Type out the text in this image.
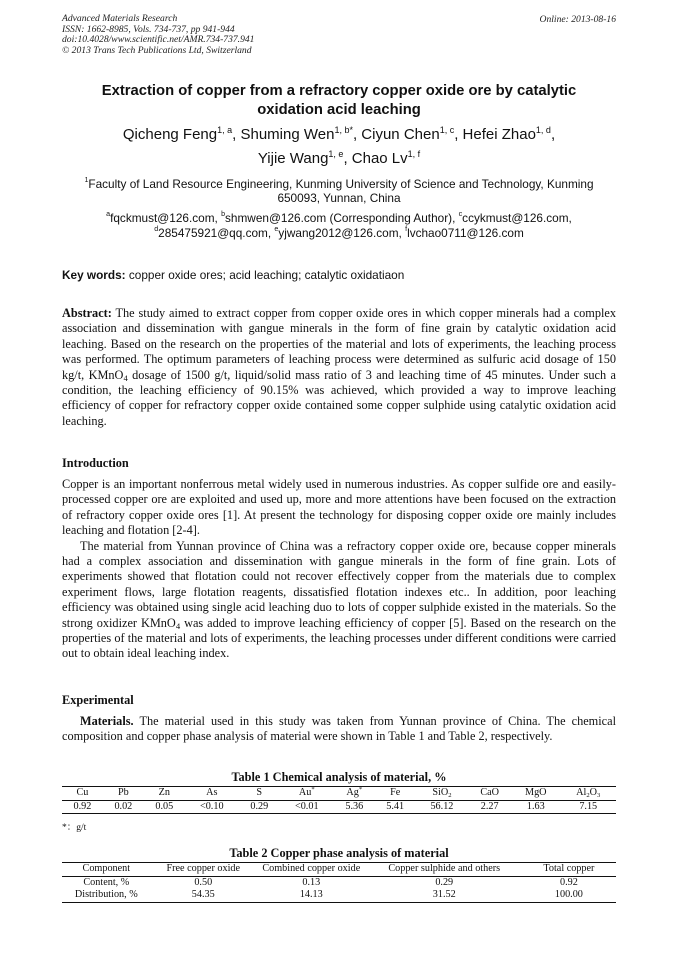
Advanced Materials Research
ISSN: 1662-8985, Vols. 734-737, pp 941-944
doi:10.4028/www.scientific.net/AMR.734-737.941
© 2013 Trans Tech Publications Ltd, Switzerland
Online: 2013-08-16
Extraction of copper from a refractory copper oxide ore by catalytic
oxidation acid leaching
Qicheng Feng$^{1, a}$, Shuming Wen$^{1, b*}$, Ciyun Chen$^{1, c}$, Hefei Zhao$^{1, d}$,
Yijie Wang$^{1, e}$, Chao Lv$^{1, f}$
$^1$Faculty of Land Resource Engineering, Kunming University of Science and Technology, Kunming
650093, Yunnan, China
$^a$fqckmust@126.com, $^b$shmwen@126.com (Corresponding Author), $^c$ccykmust@126.com,
$^d$285475921@qq.com, $^e$yjwang2012@126.com, $^f$lvchao0711@126.com
Key words: copper oxide ores; acid leaching; catalytic oxidatiaon
Abstract: The study aimed to extract copper from copper oxide ores in which copper minerals had a complex association and dissemination with gangue minerals in the form of fine grain by catalytic oxidation acid leaching. Based on the research on the properties of the material and lots of experiments, the leaching process was performed. The optimum parameters of leaching process were determined as sulfuric acid dosage of 150 kg/t, KMnO$_4$ dosage of 1500 g/t, liquid/solid mass ratio of 3 and leaching time of 45 minutes. Under such a condition, the leaching efficiency of 90.15% was achieved, which provided a way to improve leaching efficiency of copper for refractory copper oxide contained some copper sulphide using catalytic oxidation acid leaching.
Introduction

Copper is an important nonferrous metal widely used in numerous industries. As copper sulfide ore and easily-processed copper ore are exploited and used up, more and more attentions have been focused on the extraction of refractory copper oxide ores [1]. At present the technology for disposing copper oxide ore mainly includes leaching and flotation [2-4].

The material from Yunnan province of China was a refractory copper oxide ore, because copper minerals had a complex association and dissemination with gangue minerals in the form of fine grain. Lots of experiments showed that flotation could not recover effectively copper from the materials due to complex experiment flows, large flotation reagents, dissatisfied flotation indexes etc.. In addition, poor leaching efficiency was obtained using single acid leaching duo to lots of copper sulphide existed in the materials. So the strong oxidizer KMnO$_4$ was added to improve leaching efficiency of copper [5]. Based on the research on the properties of the material and lots of experiments, the leaching processes under different conditions were carried out to obtain ideal leaching index.

Experimental
Materials. The material used in this study was taken from Yunnan province of China. The chemical composition and copper phase analysis of material were shown in Table 1 and Table 2, respectively.
Table 1 Chemical analysis of material, %
Cu	Pb	Zn	As	S	Au*	Ag*	Fe	SiO$_2$	CaO	MgO	$Al_2O_3$
0.92	0.02	0.05	<0.10	0.29	<0.01	5.36	5.41	56.12	2.27	1.63	7.15
*：g/t
Table 2 Copper phase analysis of material
Component	Free copper oxide	Combined copper oxide	Copper sulphide and others	Total copper
Content, %	0.50	0.13	0.29	0.92
Distribution, %	54.35	14.13	31.52	100.00
